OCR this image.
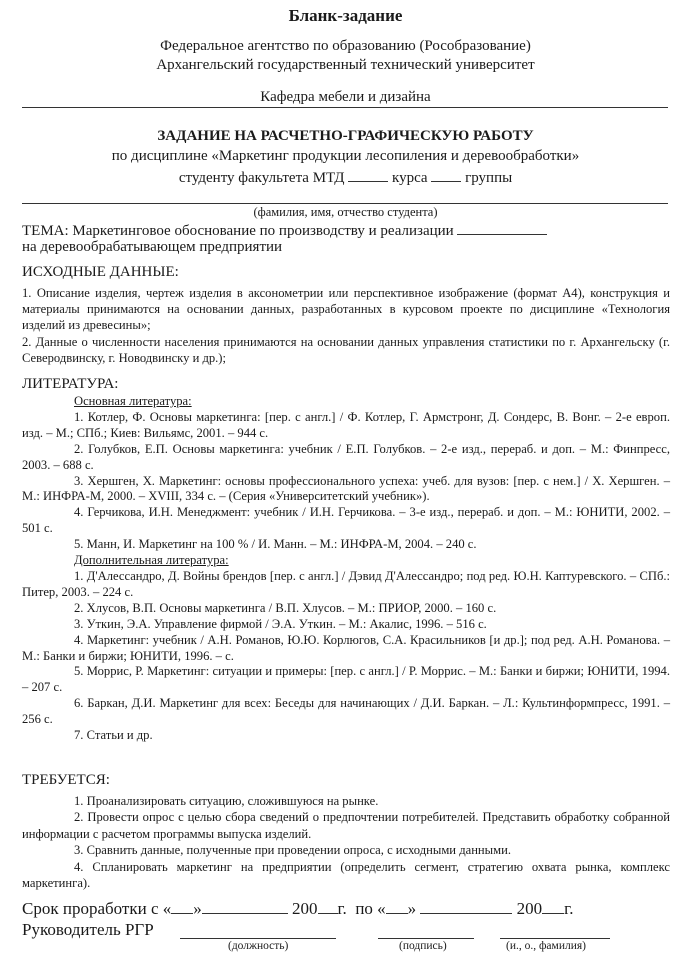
Бланк-задание
Федеральное агентство по образованию (Рособразование)
Архангельский государственный технический университет
Кафедра мебели и дизайна
ЗАДАНИЕ НА РАСЧЕТНО-ГРАФИЧЕСКУЮ РАБОТУ
по дисциплине «Маркетинг продукции лесопиления и деревообработки»
студенту факультета МТД	курса	группы
(фамилия, имя, отчество студента)
ТЕМА: Маркетинговое обоснование по производству и реализации
на деревообрабатывающем предприятии
ИСХОДНЫЕ ДАННЫЕ:
1. Описание изделия, чертеж изделия в аксонометрии или перспективное изображение (формат А4), конструкция и материалы принимаются на основании данных, разработанных в курсовом проекте по дисциплине «Технология изделий из древесины»;
2. Данные о численности населения принимаются на основании данных управления статистики по г. Архангельску (г. Северодвинску, г. Новодвинску и др.);
ЛИТЕРАТУРА:
Основная литература:
1. Котлер, Ф. Основы маркетинга: [пер. с англ.] / Ф. Котлер, Г. Армстронг, Д. Сондерс, В. Вонг. – 2-е европ. изд. – М.; СПб.; Киев: Вильямс, 2001. – 944 с.
2. Голубков, Е.П. Основы маркетинга: учебник / Е.П. Голубков. – 2-е изд., перераб. и доп. – М.: Финпресс, 2003. – 688 с.
3. Хершген, Х. Маркетинг: основы профессионального успеха: учеб. для вузов: [пер. с нем.] / Х. Хершген. – М.: ИНФРА-М, 2000. – XVIII, 334 с. – (Серия «Университетский учебник»).
4. Герчикова, И.Н. Менеджмент: учебник / И.Н. Герчикова. – 3-е изд., перераб. и доп. – М.: ЮНИТИ, 2002. – 501 с.
5. Манн, И. Маркетинг на 100 % / И. Манн. – М.: ИНФРА-М, 2004. – 240 с.
Дополнительная литература:
1. Д'Алессандро, Д. Войны брендов [пер. с англ.] / Дэвид Д'Алессандро; под ред. Ю.Н. Каптуревского. – СПб.: Питер, 2003. – 224 с.
2. Хлусов, В.П. Основы маркетинга / В.П. Хлусов. – М.: ПРИОР, 2000. – 160 с.
3. Уткин, Э.А. Управление фирмой / Э.А. Уткин. – М.: Акалис, 1996. – 516 с.
4. Маркетинг: учебник / А.Н. Романов, Ю.Ю. Корлюгов, С.А. Красильников [и др.]; под ред. А.Н. Романова. – М.: Банки и биржи; ЮНИТИ, 1996. – с.
5. Моррис, Р. Маркетинг: ситуации и примеры: [пер. с англ.] / Р. Моррис. – М.: Банки и биржи; ЮНИТИ, 1994. – 207 с.
6. Баркан, Д.И. Маркетинг для всех: Беседы для начинающих / Д.И. Баркан. – Л.: Культинформпресс, 1991. – 256 с.
7. Статьи и др.
ТРЕБУЕТСЯ:
1. Проанализировать ситуацию, сложившуюся на рынке.
2. Провести опрос с целью сбора сведений о предпочтении потребителей. Представить обработку собранной информации с расчетом программы выпуска изделий.
3. Сравнить данные, полученные при проведении опроса, с исходными данными.
4. Спланировать маркетинг на предприятии (определить сегмент, стратегию охвата рынка, комплекс маркетинга).
Срок проработки с « »	200 г. по « »	200 г.
Руководитель РГР
(должность)	(подпись)	(и., о., фамилия)
